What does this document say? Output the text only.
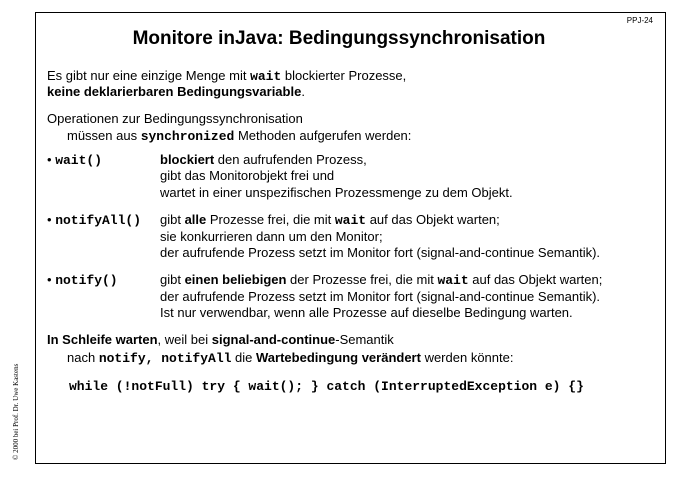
PPJ-24
Monitore inJava: Bedingungssynchronisation
© 2000 bei Prof. Dr. Uwe Kastens
Es gibt nur eine einzige Menge mit wait blockierter Prozesse,
keine deklarierbaren Bedingungsvariable.
Operationen zur Bedingungssynchronisation
müssen aus synchronized Methoden aufgerufen werden:
• wait()	blockiert den aufrufenden Prozess,
gibt das Monitorobjekt frei und
wartet in einer unspezifischen Prozessmenge zu dem Objekt.
• notifyAll() gibt alle Prozesse frei, die mit wait auf das Objekt warten;
sie konkurrieren dann um den Monitor;
der aufrufende Prozess setzt im Monitor fort (signal-and-continue Semantik).
• notify()	gibt einen beliebigen der Prozesse frei, die mit wait auf das Objekt warten;
der aufrufende Prozess setzt im Monitor fort (signal-and-continue Semantik).
Ist nur verwendbar, wenn alle Prozesse auf dieselbe Bedingung warten.
In Schleife warten, weil bei signal-and-continue-Semantik
nach notify, notifyAll die Wartebedingung verändert werden könnte:
while (!notFull) try { wait(); } catch (InterruptedException e) {}
